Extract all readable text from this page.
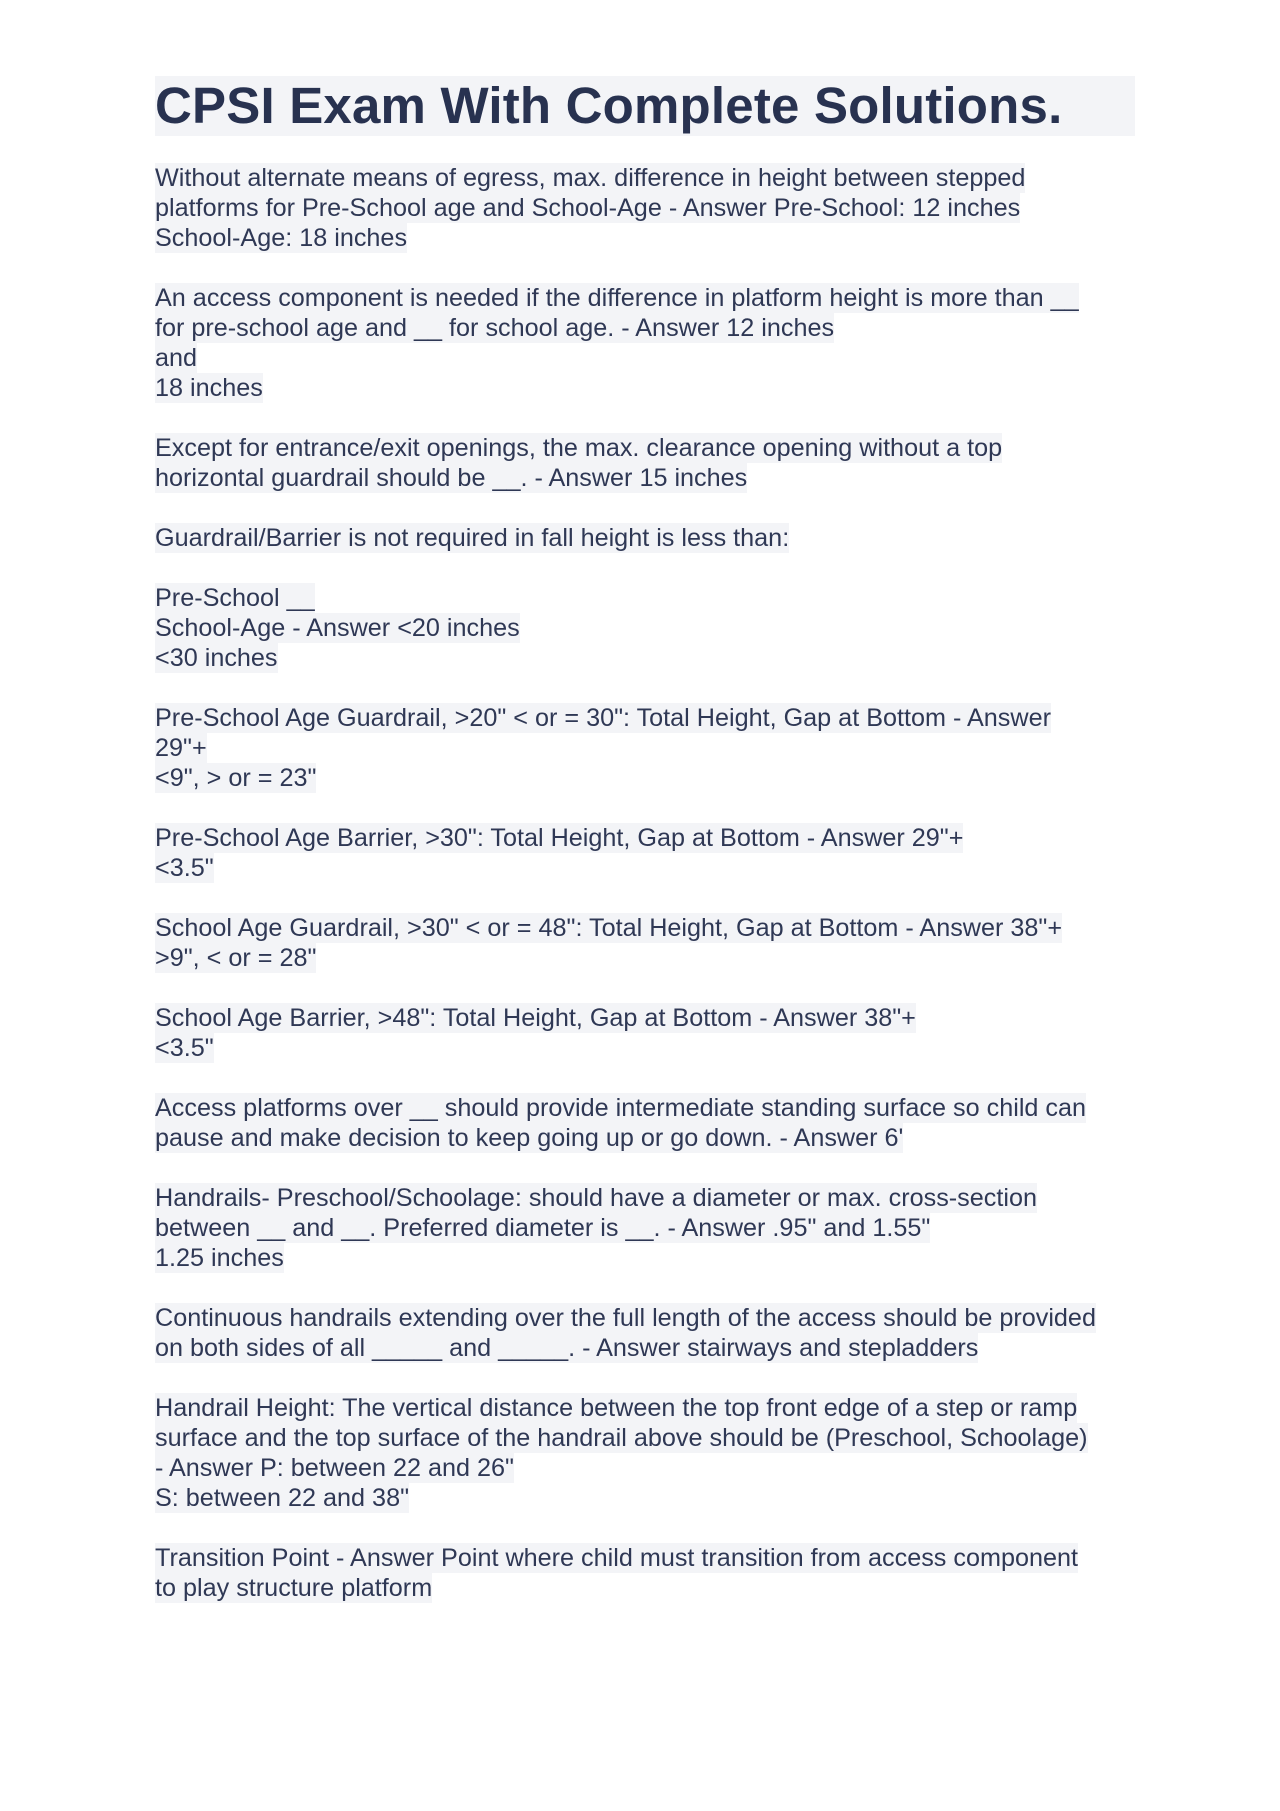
CPSI Exam With Complete Solutions.

Without alternate means of egress, max. difference in height between stepped
platforms for Pre-School age and School-Age - Answer Pre-School: 12 inches
School-Age: 18 inches

An access component is needed if the difference in platform height is more than __
for pre-school age and __ for school age. - Answer 12 inches
and
18 inches

Except for entrance/exit openings, the max. clearance opening without a top
horizontal guardrail should be __. - Answer 15 inches

Guardrail/Barrier is not required in fall height is less than:

Pre-School __
School-Age - Answer <20 inches
<30 inches

Pre-School Age Guardrail, >20" < or = 30": Total Height, Gap at Bottom - Answer
29"+
<9", > or = 23"

Pre-School Age Barrier, >30": Total Height, Gap at Bottom - Answer 29"+
<3.5"

School Age Guardrail, >30" < or = 48": Total Height, Gap at Bottom - Answer 38"+
>9", < or = 28"

School Age Barrier, >48": Total Height, Gap at Bottom - Answer 38"+
<3.5"

Access platforms over __ should provide intermediate standing surface so child can
pause and make decision to keep going up or go down. - Answer 6'

Handrails- Preschool/Schoolage: should have a diameter or max. cross-section
between __ and __. Preferred diameter is __. - Answer .95" and 1.55"
1.25 inches

Continuous handrails extending over the full length of the access should be provided
on both sides of all _____ and _____. - Answer stairways and stepladders

Handrail Height: The vertical distance between the top front edge of a step or ramp
surface and the top surface of the handrail above should be (Preschool, Schoolage)
- Answer P: between 22 and 26"
S: between 22 and 38"

Transition Point - Answer Point where child must transition from access component
to play structure platform
